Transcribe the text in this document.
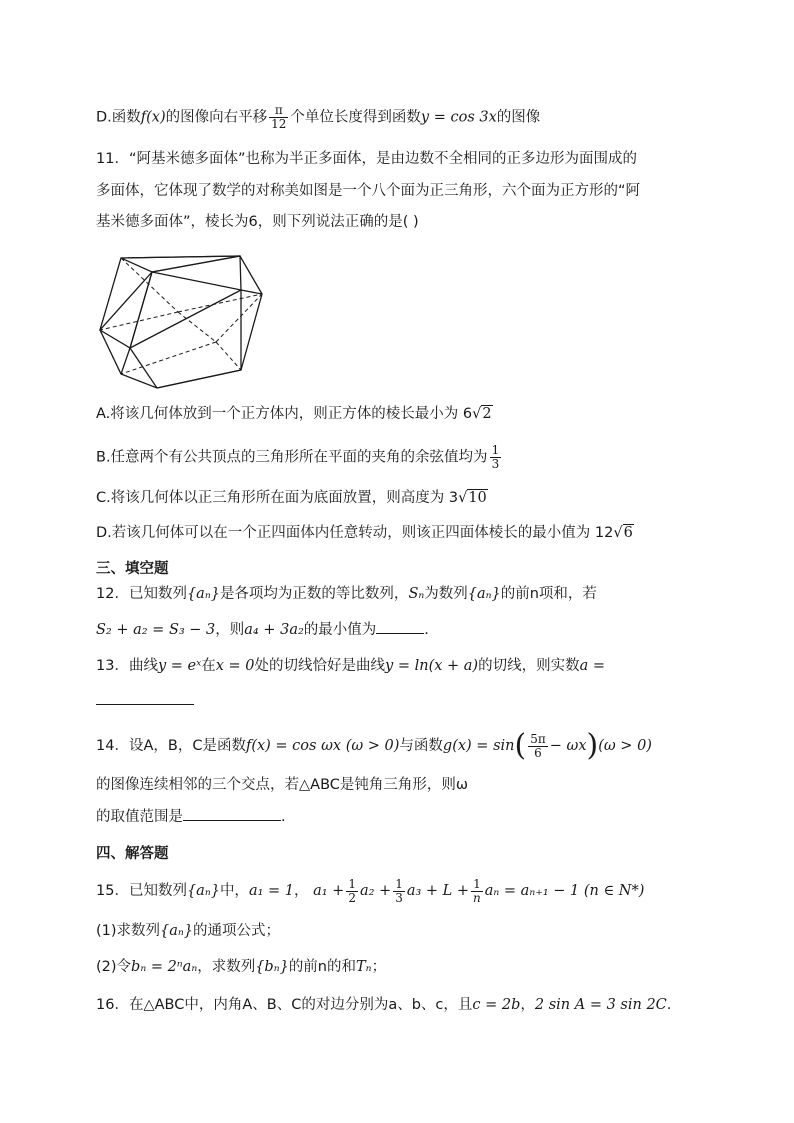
D.函数f(x)的图像向右平移 $\frac{\pi}{12}$ 个单位长度得到函数y = cos 3x的图像
11．“阿基米德多面体”也称为半正多面体，是由边数不全相同的正多边形为面围成的
多面体，它体现了数学的对称美如图是一个八个面为正三角形，六个面为正方形的“阿
基米德多面体”，棱长为6，则下列说法正确的是( )
A.将该几何体放到一个正方体内，则正方体的棱长最小为 6√2
B.任意两个有公共顶点的三角形所在平面的夹角的余弦值均为 $\frac{1}{3}$
C.将该几何体以正三角形所在面为底面放置，则高度为 3√10
D.若该几何体可以在一个正四面体内任意转动，则该正四面体棱长的最小值为 12√6
三、填空题
12．已知数列{aₙ}是各项均为正数的等比数列，Sₙ为数列{aₙ}的前n项和，若
S₂ + a₂ = S₃ − 3，则a₄ + 3a₂的最小值为	.
13．曲线y = eˣ在x = 0处的切线恰好是曲线y = ln(x + a)的切线，则实数a =
14．设A，B，C是函数f(x) = cos ωx (ω > 0)与函数$g(x) = \sin( \frac{5\pi}{6} - \omega x)(\omega > 0)$
的图像连续相邻的三个交点，若△ABC是钝角三角形，则ω
的取值范围是	.
四、解答题
15．已知数列{aₙ}中，a₁ = 1， $a_1 + \frac{1}{2} a_2 + \frac{1}{3} a_3 + L + \frac{1}{n}$ aₙ = aₙ₊₁ − 1 (n ∈ N*)
(1)求数列{aₙ}的通项公式；
(2)令bₙ = 2ⁿaₙ，求数列{bₙ}的前n的和Tₙ；
16．在△ABC中，内角A、B、C的对边分别为a、b、c，且c = 2b，2 sin A = 3 sin 2C.
